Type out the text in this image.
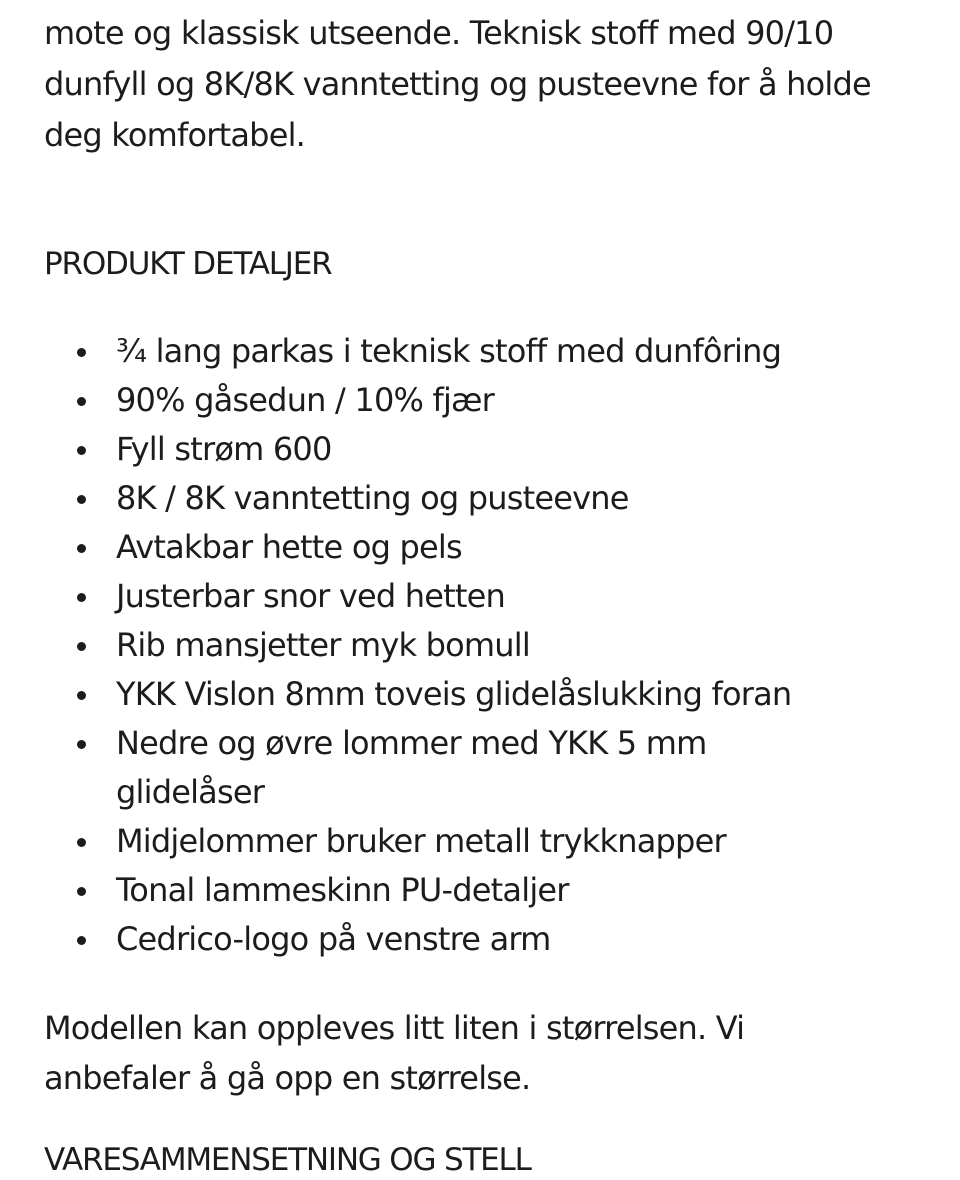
mote og klassisk utseende. Teknisk stoff med 90/10 dunfyll og 8K/8K vanntetting og pusteevne for å holde deg komfortabel.

PRODUKT DETALJER
¾ lang parkas i teknisk stoff med dunfôring
90% gåsedun / 10% fjær
Fyll strøm 600
8K / 8K vanntetting og pusteevne
Avtakbar hette og pels
Justerbar snor ved hetten
Rib mansjetter myk bomull
YKK Vislon 8mm toveis glidelåslukking foran
Nedre og øvre lommer med YKK 5 mm glidelåser
Midjelommer bruker metall trykknapper
Tonal lammeskinn PU-detaljer
Cedrico-logo på venstre arm

Modellen kan oppleves litt liten i størrelsen. Vi anbefaler å gå opp en størrelse.

VARESAMMENSETNING OG STELL
